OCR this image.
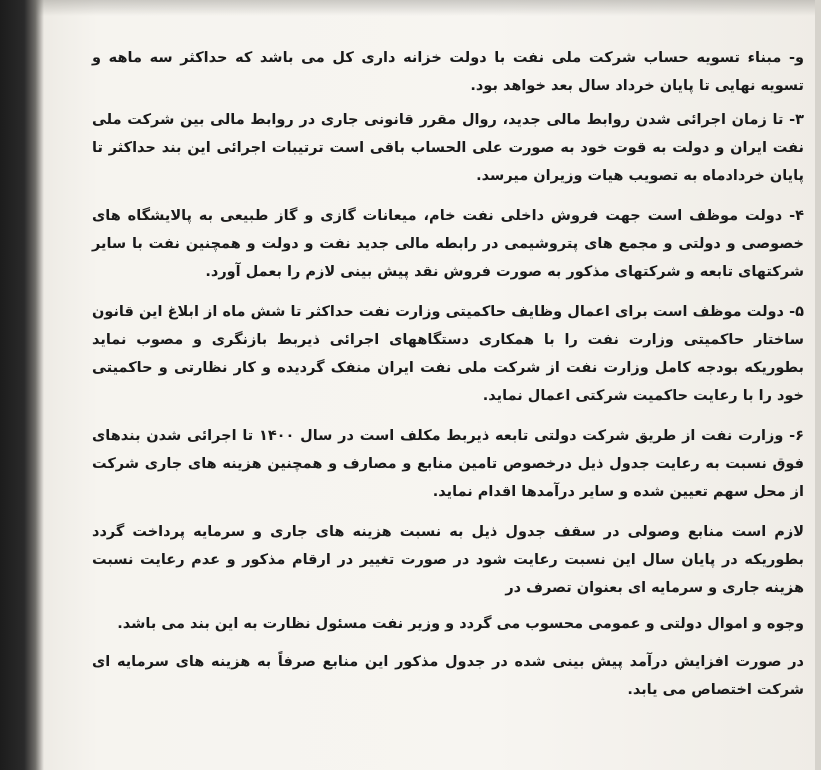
و- مبناء تسویه حساب شرکت ملی نفت با دولت خزانه داری کل می باشد که حداکثر سه ماهه و تسویه نهایی تا پایان خرداد سال بعد خواهد بود.

۳- تا زمان اجرائی شدن روابط مالی جدید، روال مقرر قانونی جاری در روابط مالی بین شرکت ملی نفت ایران و دولت به قوت خود به صورت علی الحساب باقی است ترتیبات اجرائی این بند حداکثر تا پایان خردادماه به تصویب هیات وزیران میرسد.

۴- دولت موظف است جهت فروش داخلی نفت خام، میعانات گازی و گاز طبیعی به پالایشگاه های خصوصی و دولتی و مجمع های پتروشیمی در رابطه مالی جدید نفت و دولت و همچنین نفت با سایر شرکتهای تابعه و شرکتهای مذکور به صورت فروش نقد پیش بینی لازم را بعمل آورد.

۵- دولت موظف است برای اعمال وظایف حاکمیتی وزارت نفت حداکثر تا شش ماه از ابلاغ این قانون ساختار حاکمیتی وزارت نفت را با همکاری دستگاههای اجرائی ذیربط بازنگری و مصوب نماید بطوریکه بودجه کامل وزارت نفت از شرکت ملی نفت ایران منفک گردیده و کار نظارتی و حاکمیتی خود را با رعایت حاکمیت شرکتی اعمال نماید.

۶- وزارت نفت از طریق شرکت دولتی تابعه ذیربط مکلف است در سال ۱۴۰۰ تا اجرائی شدن بندهای فوق نسبت به رعایت جدول ذیل درخصوص تامین منابع و مصارف و همچنین هزینه های جاری شرکت از محل سهم تعیین شده و سایر درآمدها اقدام نماید.

لازم است منابع وصولی در سقف جدول ذیل به نسبت هزینه های جاری و سرمایه پرداخت گردد بطوریکه در پایان سال این نسبت رعایت شود در صورت تغییر در ارقام مذکور و عدم رعایت نسبت هزینه جاری و سرمایه ای بعنوان تصرف در

وجوه و اموال دولتی و عمومی محسوب می گردد و وزیر نفت مسئول نظارت به این بند می باشد.

در صورت افزایش درآمد پیش بینی شده در جدول مذکور این منابع صرفاً به هزینه های سرمایه ای شرکت اختصاص می یابد.
